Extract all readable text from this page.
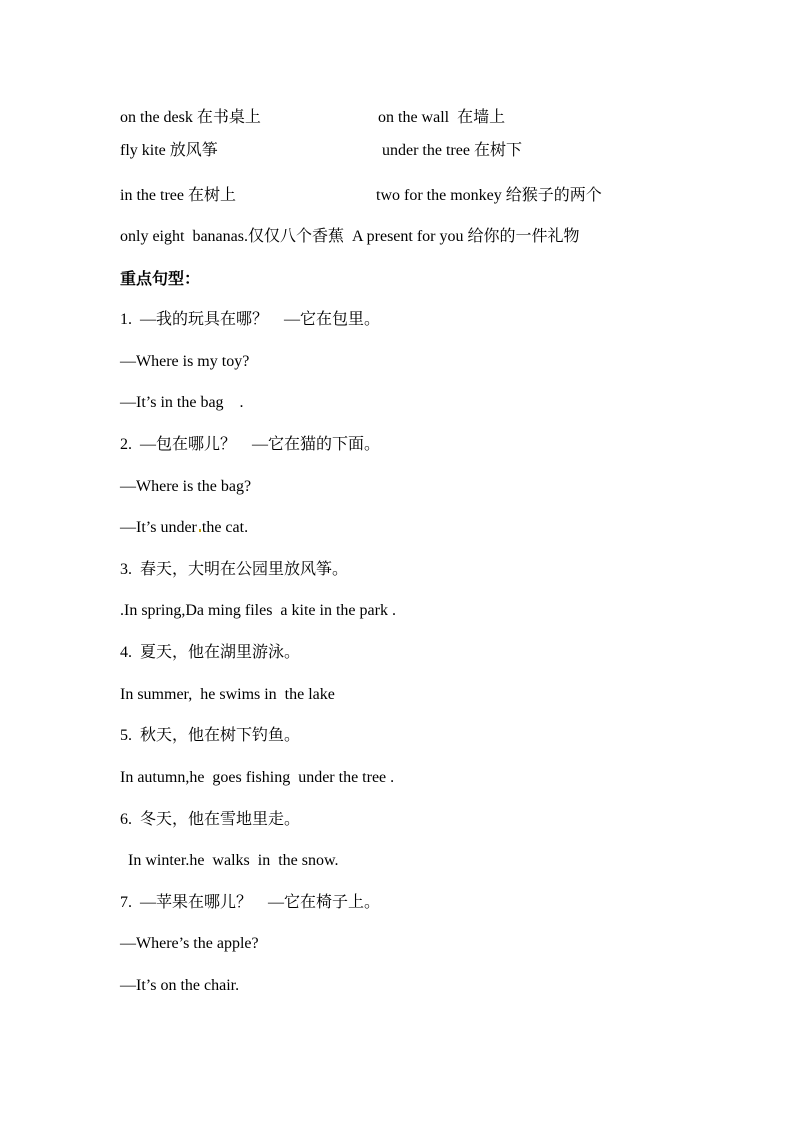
on the desk 在书桌上	on the wall  在墙上
fly kite 放风筝	under the tree 在树下
in the tree 在树上	two for the monkey 给猴子的两个
only eight  bananas.仅仅八个香蕉  A present for you 给你的一件礼物
重点句型：
1.  —我的玩具在哪？    —它在包里。
—Where is my toy?
—It’s in the bag    .
2.  —包在哪儿？    —它在猫的下面。
—Where is the bag?
—It’s under the cat.
3.  春天，大明在公园里放风筝。
.In spring,Da ming files  a kite in the park .
4.  夏天，他在湖里游泳。
In summer,  he swims in  the lake
5.  秋天，他在树下钓鱼。
In autumn,he  goes fishing  under the tree .
6.  冬天，他在雪地里走。
In winter.he  walks  in  the snow.
7.  —苹果在哪儿？    —它在椅子上。
—Where’s the apple?
—It’s on the chair.
